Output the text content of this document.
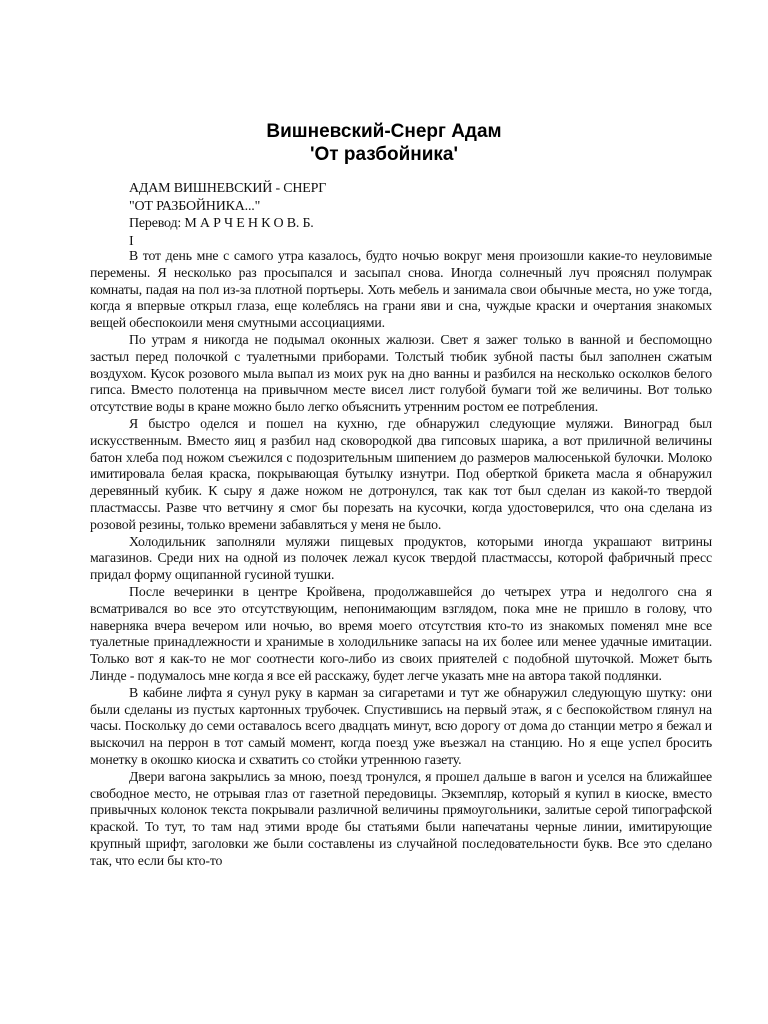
Вишневский-Снерг Адам
'От разбойника'
АДАМ ВИШНЕВСКИЙ - СНЕРГ
"ОТ РАЗБОЙНИКА..."
Перевод: М А Р Ч Е Н К О В. Б.
I

В тот день мне с самого утра казалось, будто ночью вокруг меня произошли какие-то неуловимые перемены. Я несколько раз просыпался и засыпал снова. Иногда солнечный луч прояснял полумрак комнаты, падая на пол из-за плотной портьеры. Хоть мебель и занимала свои обычные места, но уже тогда, когда я впервые открыл глаза, еще колеблясь на грани яви и сна, чуждые краски и очертания знакомых вещей обеспокоили меня смутными ассоциациями.

По утрам я никогда не подымал оконных жалюзи. Свет я зажег только в ванной и беспомощно застыл перед полочкой с туалетными приборами. Толстый тюбик зубной пасты был заполнен сжатым воздухом. Кусок розового мыла выпал из моих рук на дно ванны и разбился на несколько осколков белого гипса. Вместо полотенца на привычном месте висел лист голубой бумаги той же величины. Вот только отсутствие воды в кране можно было легко объяснить утренним ростом ее потребления.

Я быстро оделся и пошел на кухню, где обнаружил следующие муляжи. Виноград был искусственным. Вместо яиц я разбил над сковородкой два гипсовых шарика, а вот приличной величины батон хлеба под ножом съежился с подозрительным шипением до размеров малюсенькой булочки. Молоко имитировала белая краска, покрывающая бутылку изнутри. Под оберткой брикета масла я обнаружил деревянный кубик. К сыру я даже ножом не дотронулся, так как тот был сделан из какой-то твердой пластмассы. Разве что ветчину я смог бы порезать на кусочки, когда удостоверился, что она сделана из розовой резины, только времени забавляться у меня не было.

Холодильник заполняли муляжи пищевых продуктов, которыми иногда украшают витрины магазинов. Среди них на одной из полочек лежал кусок твердой пластмассы, которой фабричный пресс придал форму ощипанной гусиной тушки.

После вечеринки в центре Кройвена, продолжавшейся до четырех утра и недолгого сна я всматривался во все это отсутствующим, непонимающим взглядом, пока мне не пришло в голову, что наверняка вчера вечером или ночью, во время моего отсутствия кто-то из знакомых поменял мне все туалетные принадлежности и хранимые в холодильнике запасы на их более или менее удачные имитации. Только вот я как-то не мог соотнести кого-либо из своих приятелей с подобной шуточкой. Может быть Линде - подумалось мне когда я все ей расскажу, будет легче указать мне на автора такой подлянки.

В кабине лифта я сунул руку в карман за сигаретами и тут же обнаружил следующую шутку: они были сделаны из пустых картонных трубочек. Спустившись на первый этаж, я с беспокойством глянул на часы. Поскольку до семи оставалось всего двадцать минут, всю дорогу от дома до станции метро я бежал и выскочил на перрон в тот самый момент, когда поезд уже въезжал на станцию. Но я еще успел бросить монетку в окошко киоска и схватить со стойки утреннюю газету.

Двери вагона закрылись за мною, поезд тронулся, я прошел дальше в вагон и уселся на ближайшее свободное место, не отрывая глаз от газетной передовицы. Экземпляр, который я купил в киоске, вместо привычных колонок текста покрывали различной величины прямоугольники, залитые серой типографской краской. То тут, то там над этими вроде бы статьями были напечатаны черные линии, имитирующие крупный шрифт, заголовки же были составлены из случайной последовательности букв. Все это сделано так, что если бы кто-то
